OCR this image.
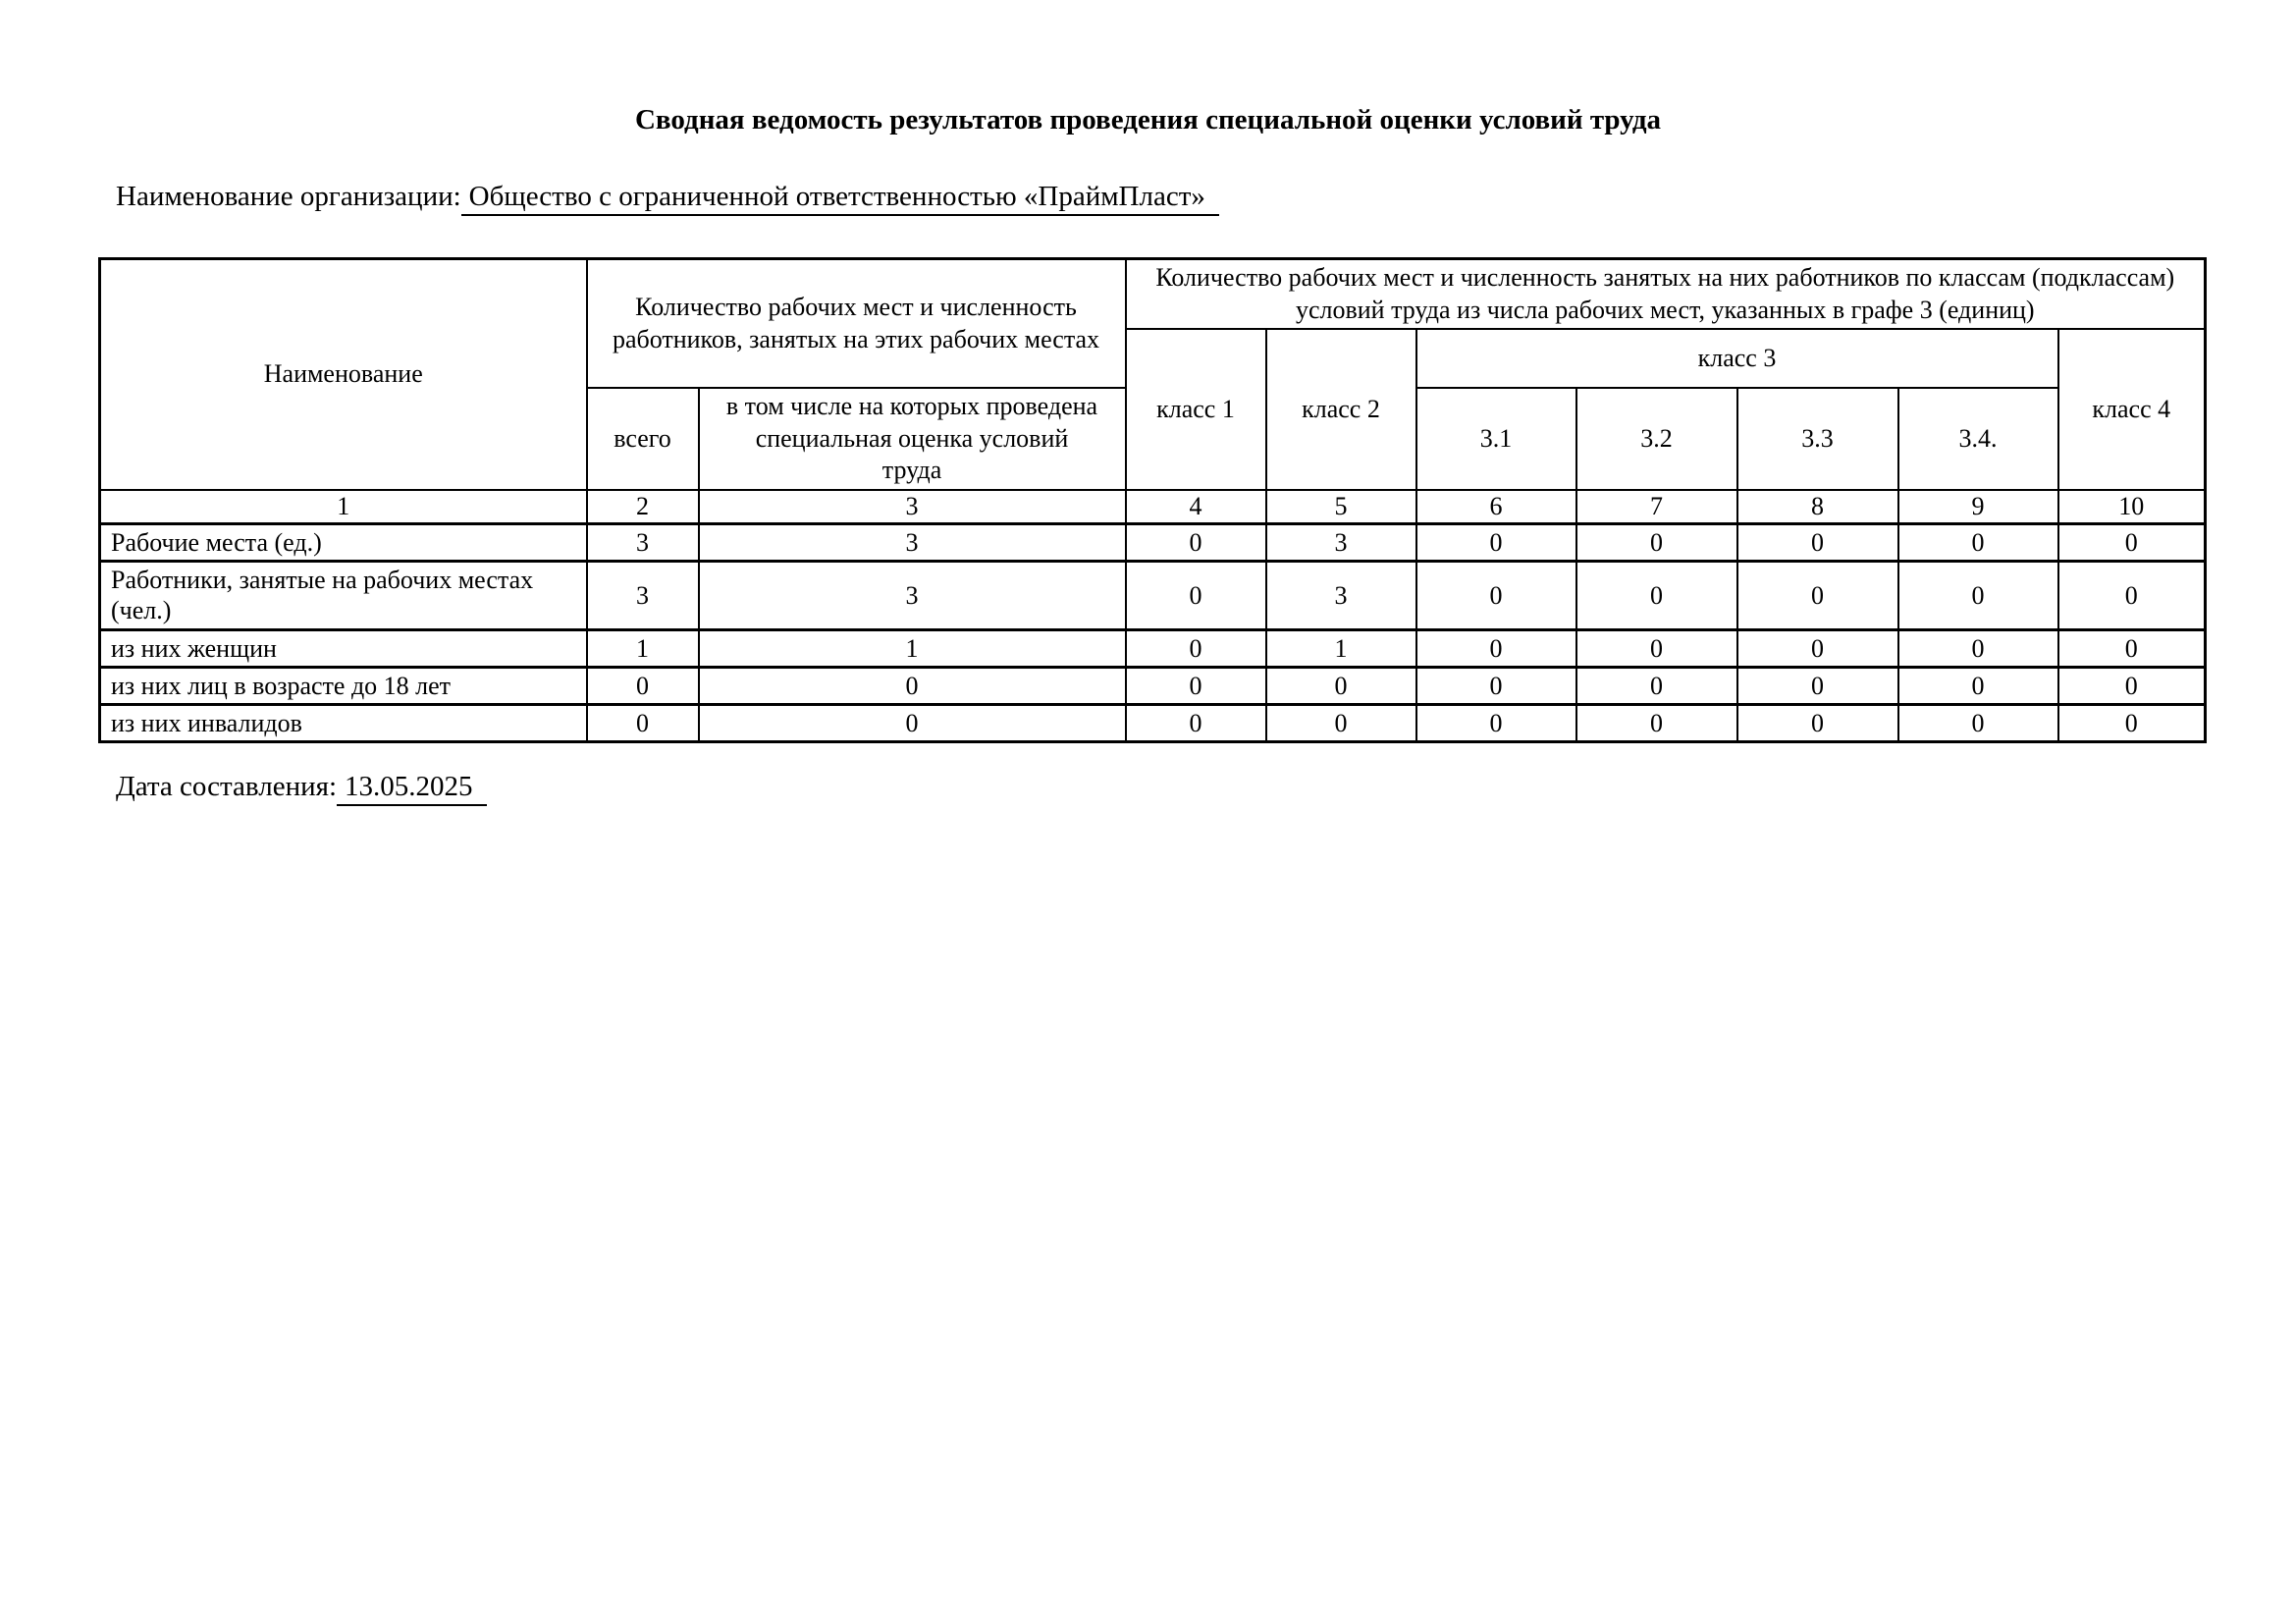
Сводная ведомость результатов проведения специальной оценки условий труда
Наименование организации: Общество с ограниченной ответственностью «ПраймПласт»
Наименование	Количество рабочих мест и численность работников, занятых на этих рабочих местах		Количество рабочих мест и численность занятых на них работников по классам (подклассам) условий труда из числа рабочих мест, указанных в графе 3 (единиц)						
			класс 1	класс 2	класс 3				класс 4
	всего	в том числе на которых проведена специальная оценка условий труда			3.1	3.2	3.3	3.4.	
1	2	3	4	5	6	7	8	9	10
Рабочие места (ед.)	3	3	0	3	0	0	0	0	0
Работники, занятые на рабочих местах (чел.)	3	3	0	3	0	0	0	0	0
из них женщин	1	1	0	1	0	0	0	0	0
из них лиц в возрасте до 18 лет	0	0	0	0	0	0	0	0	0
из них инвалидов	0	0	0	0	0	0	0	0	0
Дата составления: 13.05.2025
